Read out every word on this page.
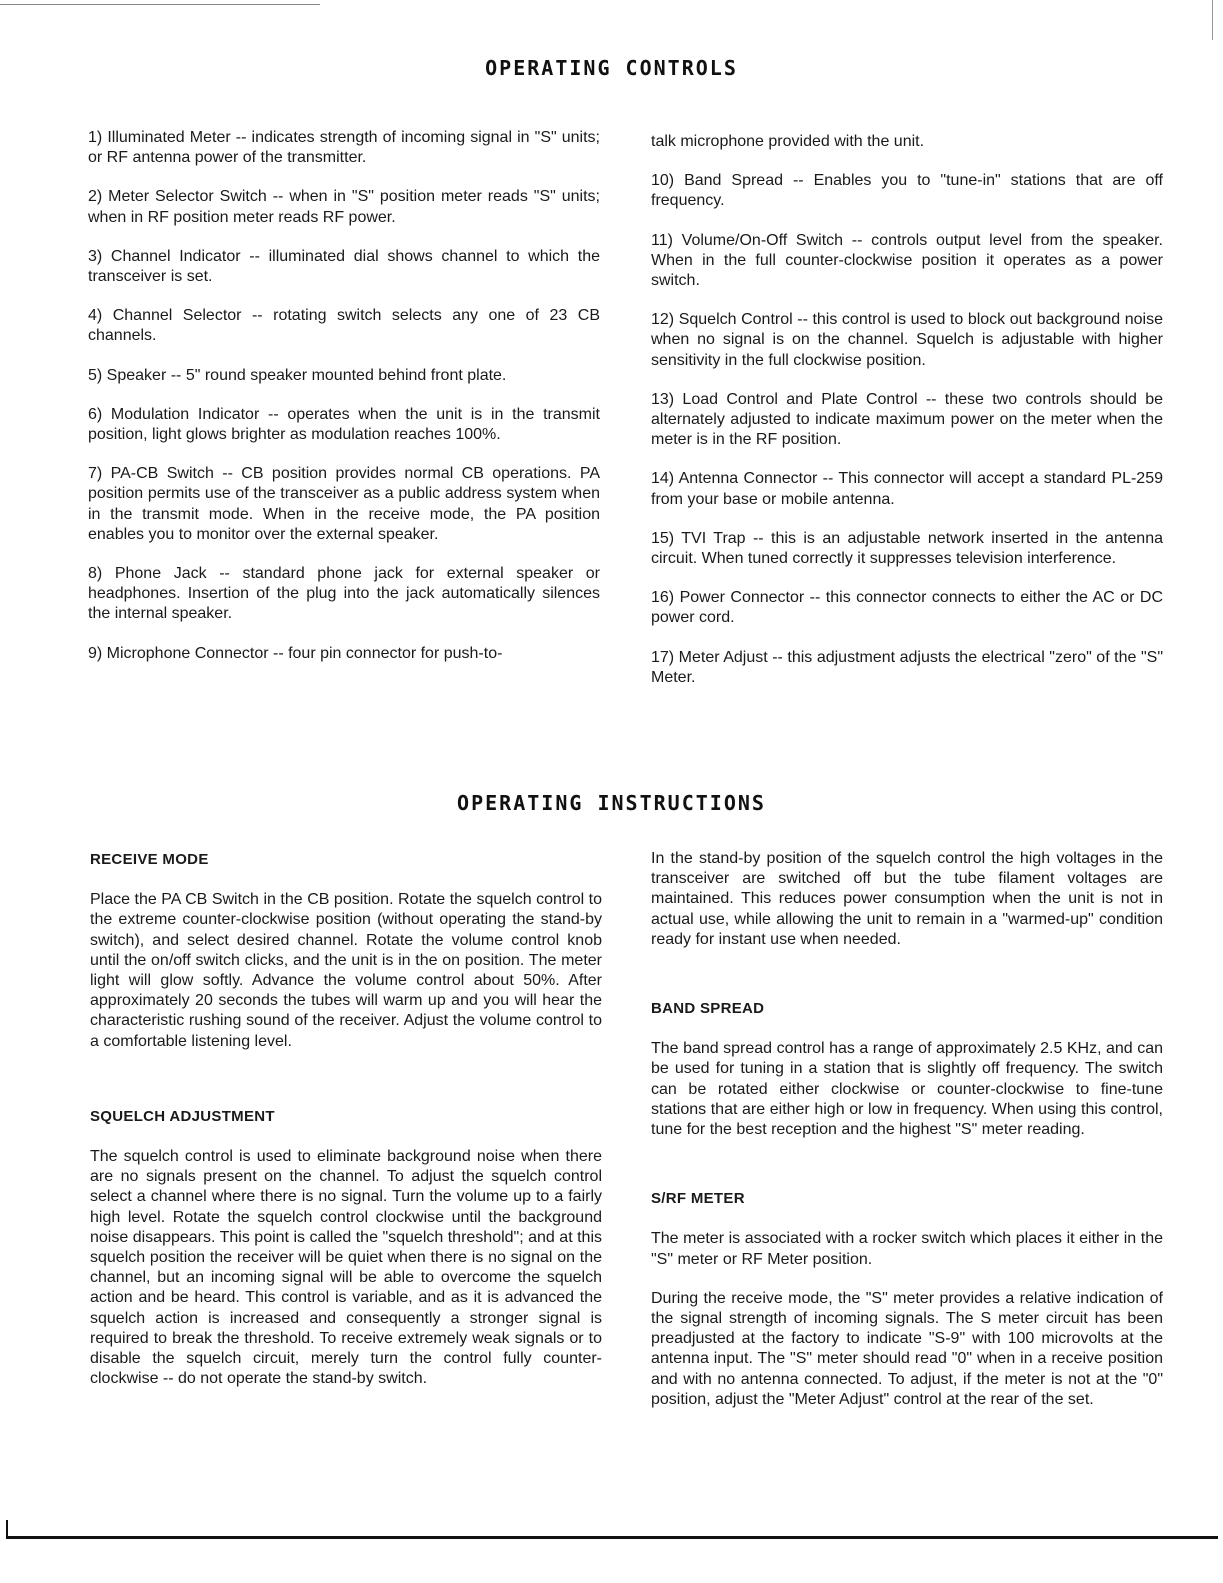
OPERATING CONTROLS

1) Illuminated Meter -- indicates strength of incoming signal in "S" units; or RF antenna power of the transmitter.

2) Meter Selector Switch -- when in "S" position meter reads "S" units; when in RF position meter reads RF power.

3) Channel Indicator -- illuminated dial shows channel to which the transceiver is set.

4) Channel Selector -- rotating switch selects any one of 23 CB channels.

5) Speaker -- 5" round speaker mounted behind front plate.

6) Modulation Indicator -- operates when the unit is in the transmit position, light glows brighter as modulation reaches 100%.

7) PA-CB Switch -- CB position provides normal CB operations. PA position permits use of the transceiver as a public address system when in the transmit mode. When in the receive mode, the PA position enables you to monitor over the external speaker.

8) Phone Jack -- standard phone jack for external speaker or headphones. Insertion of the plug into the jack automatically silences the internal speaker.

9) Microphone Connector -- four pin connector for push-to-

talk microphone provided with the unit.

10) Band Spread -- Enables you to "tune-in" stations that are off frequency.

11) Volume/On-Off Switch -- controls output level from the speaker. When in the full counter-clockwise position it operates as a power switch.

12) Squelch Control -- this control is used to block out background noise when no signal is on the channel. Squelch is adjustable with higher sensitivity in the full clockwise position.

13) Load Control and Plate Control -- these two controls should be alternately adjusted to indicate maximum power on the meter when the meter is in the RF position.

14) Antenna Connector -- This connector will accept a standard PL-259 from your base or mobile antenna.

15) TVI Trap -- this is an adjustable network inserted in the antenna circuit. When tuned correctly it suppresses television interference.

16) Power Connector -- this connector connects to either the AC or DC power cord.

17) Meter Adjust -- this adjustment adjusts the electrical "zero" of the "S" Meter.

OPERATING INSTRUCTIONS
RECEIVE MODE

Place the PA CB Switch in the CB position. Rotate the squelch control to the extreme counter-clockwise position (without operating the stand-by switch), and select desired channel. Rotate the volume control knob until the on/off switch clicks, and the unit is in the on position. The meter light will glow softly. Advance the volume control about 50%. After approximately 20 seconds the tubes will warm up and you will hear the characteristic rushing sound of the receiver. Adjust the volume control to a comfortable listening level.

SQUELCH ADJUSTMENT

The squelch control is used to eliminate background noise when there are no signals present on the channel. To adjust the squelch control select a channel where there is no signal. Turn the volume up to a fairly high level. Rotate the squelch control clockwise until the background noise disappears. This point is called the "squelch threshold"; and at this squelch position the receiver will be quiet when there is no signal on the channel, but an incoming signal will be able to overcome the squelch action and be heard. This control is variable, and as it is advanced the squelch action is increased and consequently a stronger signal is required to break the threshold. To receive extremely weak signals or to disable the squelch circuit, merely turn the control fully counter-clockwise -- do not operate the stand-by switch.

In the stand-by position of the squelch control the high voltages in the transceiver are switched off but the tube filament voltages are maintained. This reduces power consumption when the unit is not in actual use, while allowing the unit to remain in a "warmed-up" condition ready for instant use when needed.

BAND SPREAD

The band spread control has a range of approximately 2.5 KHz, and can be used for tuning in a station that is slightly off frequency. The switch can be rotated either clockwise or counter-clockwise to fine-tune stations that are either high or low in frequency. When using this control, tune for the best reception and the highest "S" meter reading.

S/RF METER

The meter is associated with a rocker switch which places it either in the "S" meter or RF Meter position.

During the receive mode, the "S" meter provides a relative indication of the signal strength of incoming signals. The S meter circuit has been preadjusted at the factory to indicate "S-9" with 100 microvolts at the antenna input. The "S" meter should read "0" when in a receive position and with no antenna connected. To adjust, if the meter is not at the "0" position, adjust the "Meter Adjust" control at the rear of the set.
